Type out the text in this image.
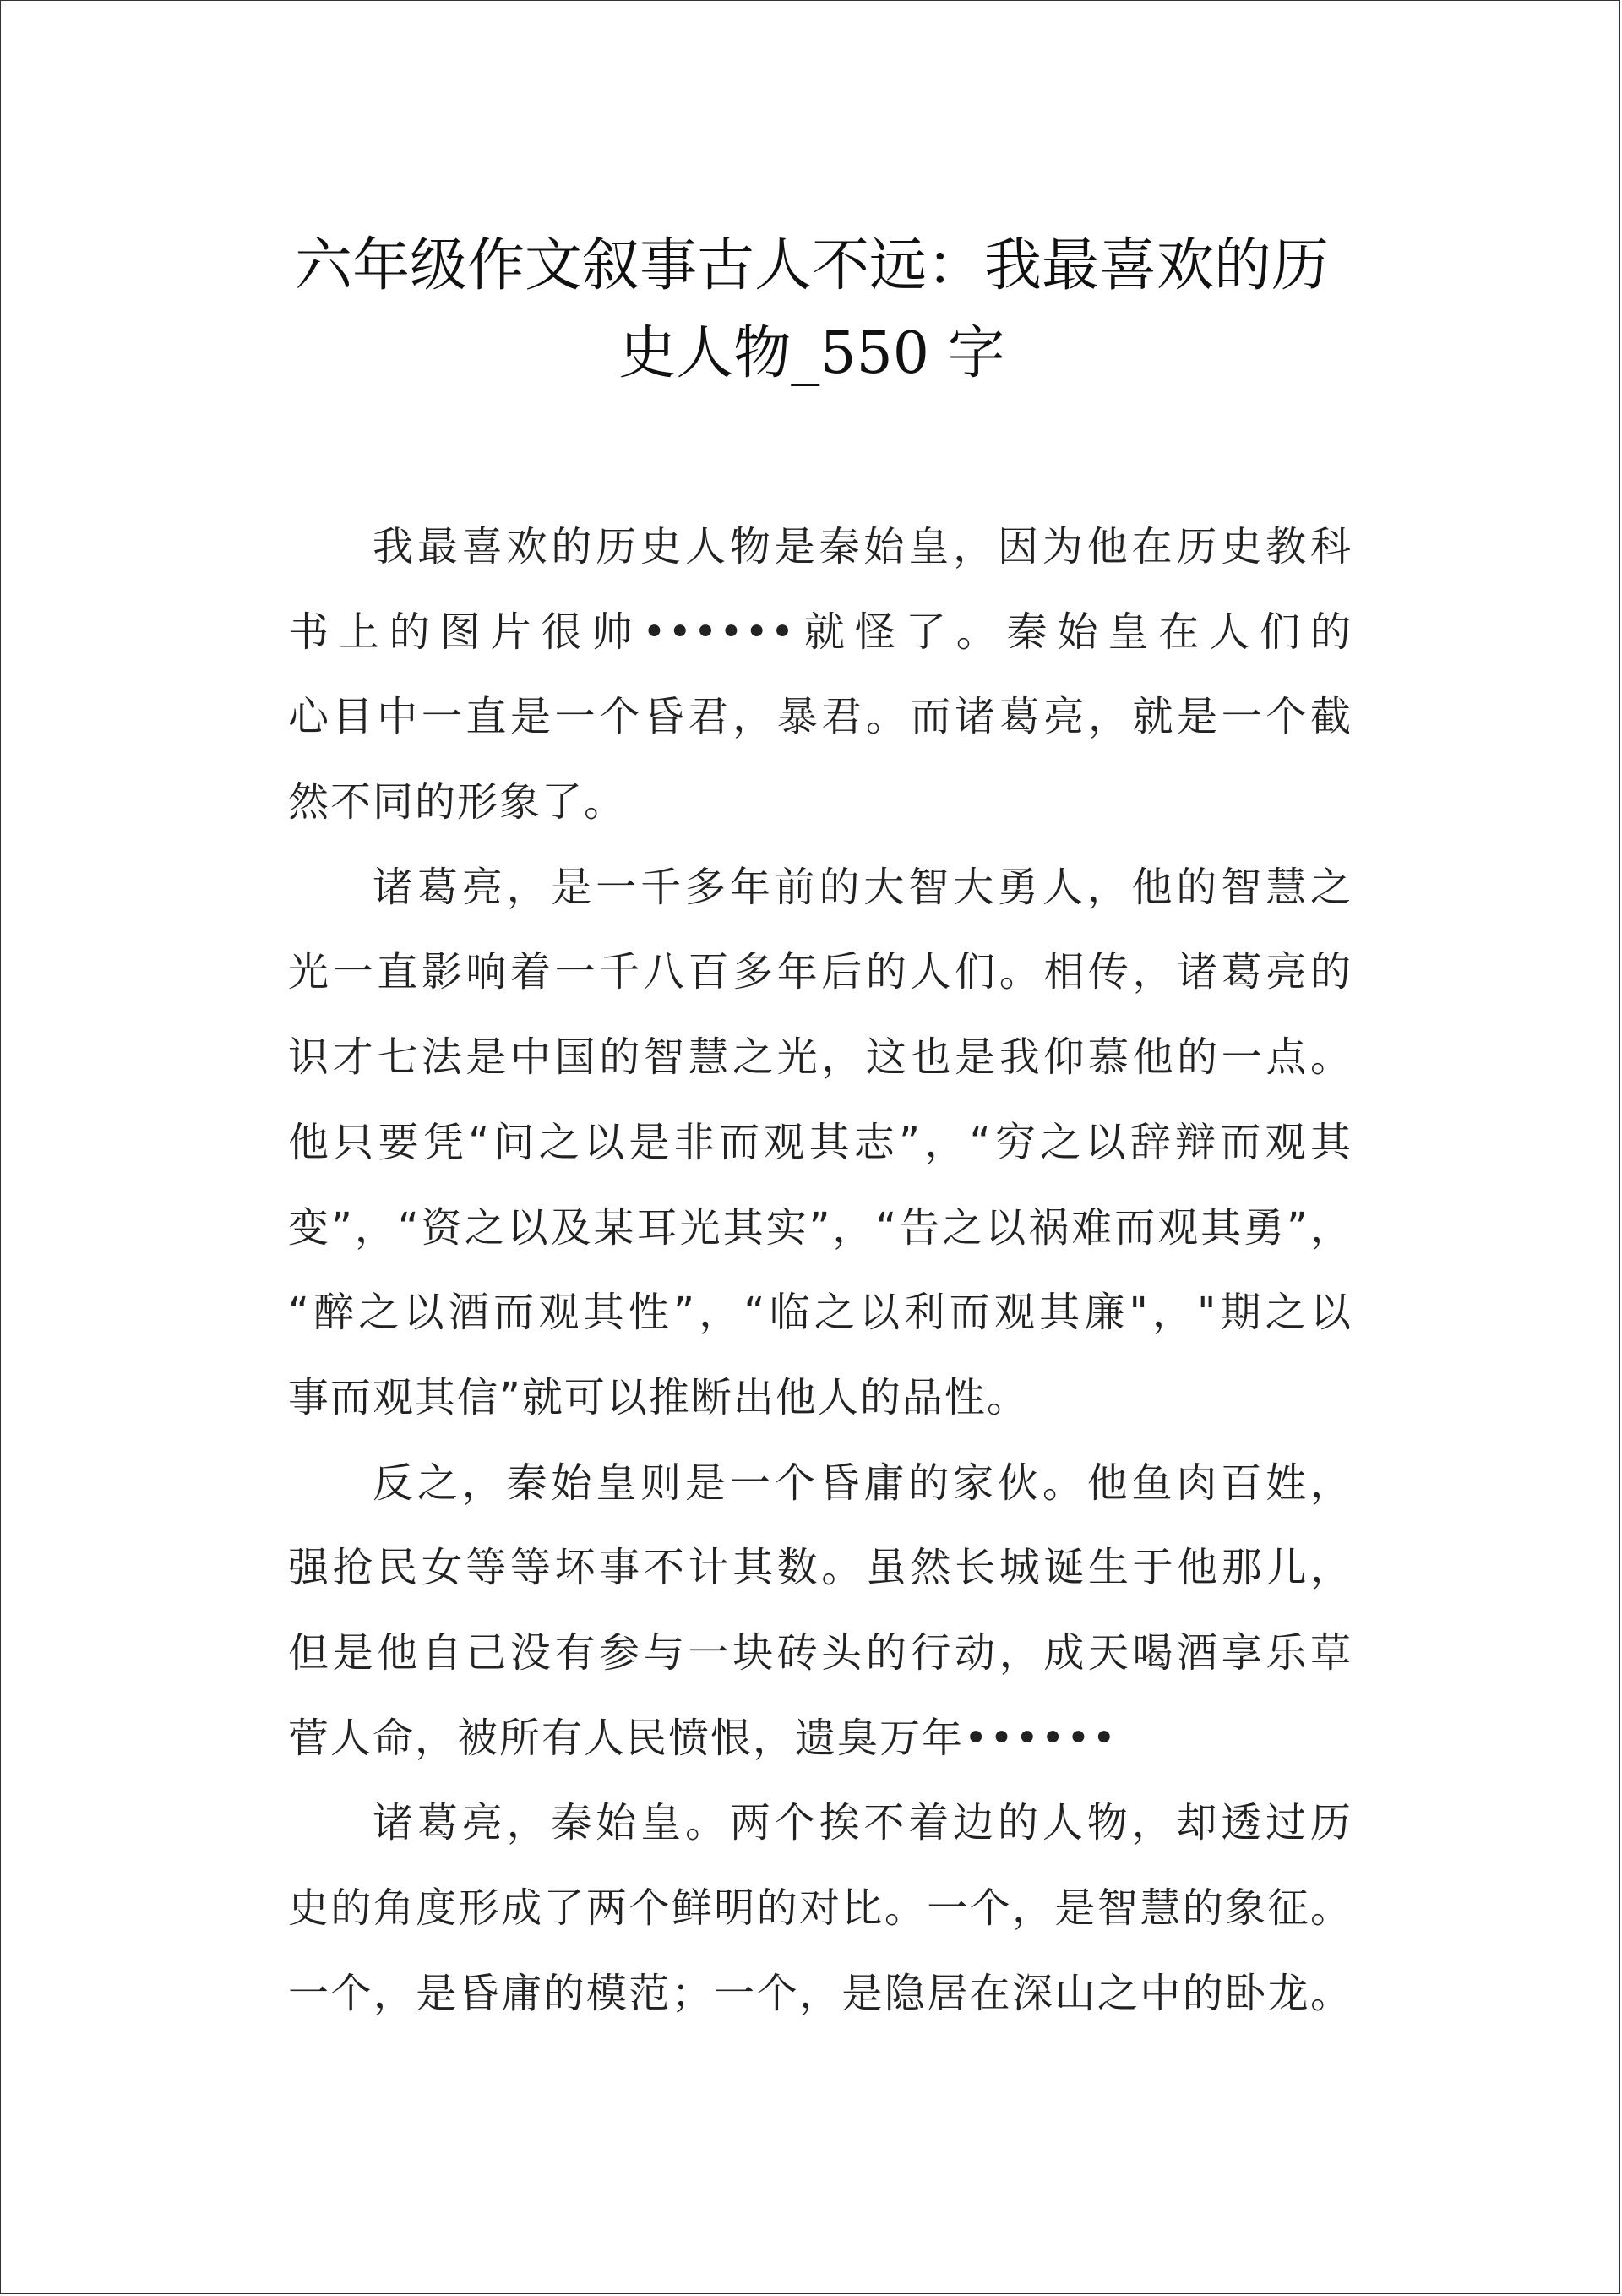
六年级作文叙事古人不远：我最喜欢的历
史人物_550 字
我最喜欢的历史人物是秦始皇，因为他在历史教科
书上的图片很帅••••••就怪了。秦始皇在人们的
心目中一直是一个昏君，暴君。而诸葛亮，就是一个截
然不同的形象了。
诸葛亮，是一千多年前的大智大勇人，他的智慧之
光一直影响着一千八百多年后的人们。相传，诸葛亮的
识才七法是中国的智慧之光，这也是我仰慕他的一点。
他只要凭“问之以是非而观其志”，“穷之以辞辩而观其
变”，“资之以及某耳光其实”，“告之以祸难而观其勇”，
“醉之以酒而观其性”，“临之以利而观其廉"，"期之以
事而观其信”就可以推断出他人的品性。
反之，秦始皇则是一个昏庸的家伙。他鱼肉百姓，
强抢民女等等坏事不计其数。虽然长城诞生于他那儿，
但是他自己没有参与一块砖头的行动，成天喝酒享乐草
菅人命，被所有人民愤恨，遗臭万年••••••
诸葛亮，秦始皇。两个挨不着边的人物，却透过历
史的角度形成了两个鲜明的对比。一个，是智慧的象征。
一个，是昏庸的模范；一个，是隐居在深山之中的卧龙。
